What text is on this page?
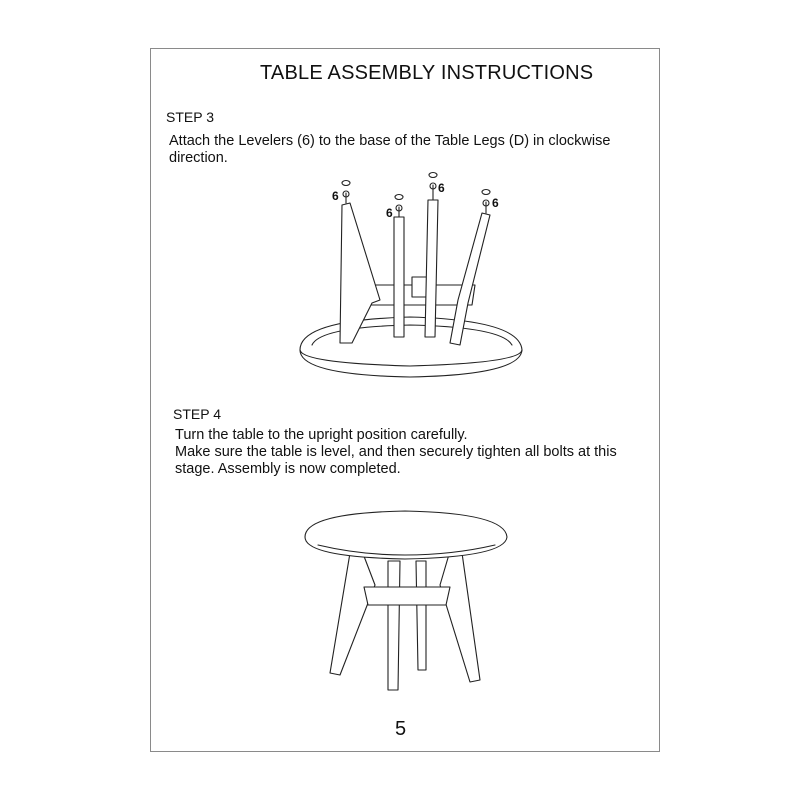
TABLE ASSEMBLY INSTRUCTIONS
STEP 3
Attach the Levelers (6) to the base of the Table Legs (D) in clockwise
direction.
6
6
6
6
STEP 4
Turn the table to the upright position carefully.
Make sure the table is level, and then securely tighten all bolts at this
stage. Assembly is now completed.
5
